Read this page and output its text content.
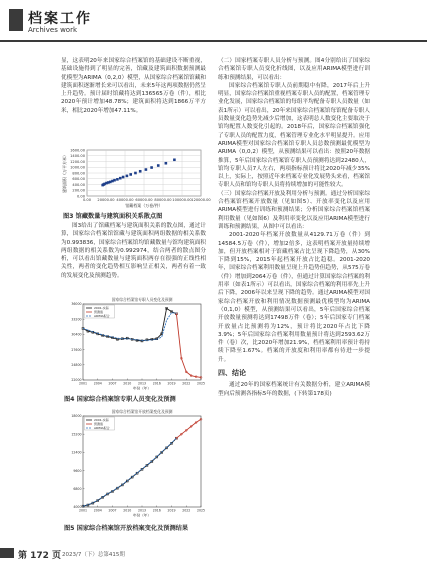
档案工作
Archives work

显，这表明20年来国家综合档案馆的基础建设不断重视，基础设施得到了明显的完善，馆藏及建筑面积数据预测最优模型为ARIMA（0,2,0）模型，从国家综合档案馆馆藏和建筑面积逐渐增长来可以看出，未来5年这两项数据仍然呈上升趋势。预计届时馆藏将达到136565万卷（件），相比2020年预计增加48.78%；建筑面积将达到1866万平方米，相比2020年增加47.11%。

0.00
200.00
400.00
600.00
800.00
1000.00
1200.00
1400.00
1600.00
0.00 20000.00 40000.00 60000.00 80000.00 100000.00 120000.00
馆藏档案（万卷/件）
建筑面积（万平方米）
图3 馆藏数量与建筑面积关系散点图

图3给出了馆藏档案与建筑面积关系的散点图，通过计算，国家综合档案馆馆藏与建筑面积两组数据的相关系数为0.993836，国家综合档案馆均馆藏数量与馆均建筑面积两组数据的相关系数为0.992974，结合两者的散点图分析，可以看出馆藏数量与建筑面积两存在很强的正线性相关性，两者的变化趋势相互影响呈正相关，两者有着一致的发展变化及预测趋势。

国家综合档案馆专职人员变化及预测
22000
24800
27600
30400
33200
36000
2001 2004 2007 2010 2013 2016 2019 2022 2025
2001-实际
预测值
ARIMA拟合
年份（年）
图4 国家综合档案馆专职人员变化及预测
国家综合档案馆开放档案变化及预测
4000
6800
9600
12400
15200
18000
2001 2004 2007 2010 2013 2016 2019 2022 2025
2001-实际
预测值
ARIMA拟合
年份（年）
图5 国家综合档案馆开放档案变化及预测结果

（二）国家档案专职人员分析与预测。图4分别给出了国家综合档案馆专职人员变化折线图，以及应用ARIMA模型进行训练和预测结果，可以看出：

国家综合档案馆专职人员前期稳中有降，2017年后上升明显，国家综合档案馆重视档案专职人员的配置，档案管理专业化发展，国家综合档案馆的每组平均配备专职人员数量（如表1所示）可以看出，20年来国家综合档案馆每馆配备专职人员数量变化趋势先减少后增加，这表明总人数变化主要取决于馆均配置人数变化引起的。2018年后，国家综合档案馆强化了专职人员的配置力度，档案管理专业化水平明显提升。应用ARIMA模型对国家综合档案馆专职人员总数预测最优模型为ARIMA（0,0,2）模型，从预测结果可以看出：按照20年数据推算，5年后国家综合档案馆专职人员预测将达到22480人，馆均专职人员7人左右，两项指标预计将比2020年减少35%以上，实际上，按照近年来档案专业化发展势头来看，档案馆专职人员和馆均专职人员将持续增加的可能性较大。

（三）国家综合档案开放及利用分析与预测。通过分析国家综合档案馆档案开放数量（见如图5）、开放率变化以及应用ARIMA模型进行训练和预测结果；分析国家综合档案馆档案利用数量（见如图6）及利用率变化以及应用ARIMA模型进行训练和预测结果，从图中可以看出：

2001-2020年档案开放数量从4129.71万卷（件）到14584.5万卷（件），增加2倍多，这表明档案开放量持续增加，但开放档案相对于馆藏档案占比呈现下降趋势，从30%下降到15%，2015年起档案开放占比趋稳。2001-2020年，国家综合档案利用数量呈现上升趋势但趋势，从575万卷（件）增加到2064万卷（件），但通过计算国家综合档案的利用率（如表1所示）可以看出，国家综合档案的利用率先上升后下降，2006年以来呈现下降的趋势。通过ARIMA模型对国家综合档案开放和利用情况数据预测最优模型均为ARIMA（0,1,0）模型，从预测结果可以看出，5年后国家综合档案开放数量预测将达到17498万件（卷）；5年后国家专门档案开放量占比预测将为12%，预计将比2020年占比下降3.9%；5年后国家综合档案利用数量预计将达到2593.62万件（卷）次，比2020年增加21.9%，档档案利用率预计将持续下降至1.67%。档案的开放度和利用率都有待进一步提升。

四、结论

通过20年的国家档案统计有关数据分析，建立ARIMA模型向后预测各指标5年的数据，(下转第178页)

第 172 页 2023/7（下）总第415期
